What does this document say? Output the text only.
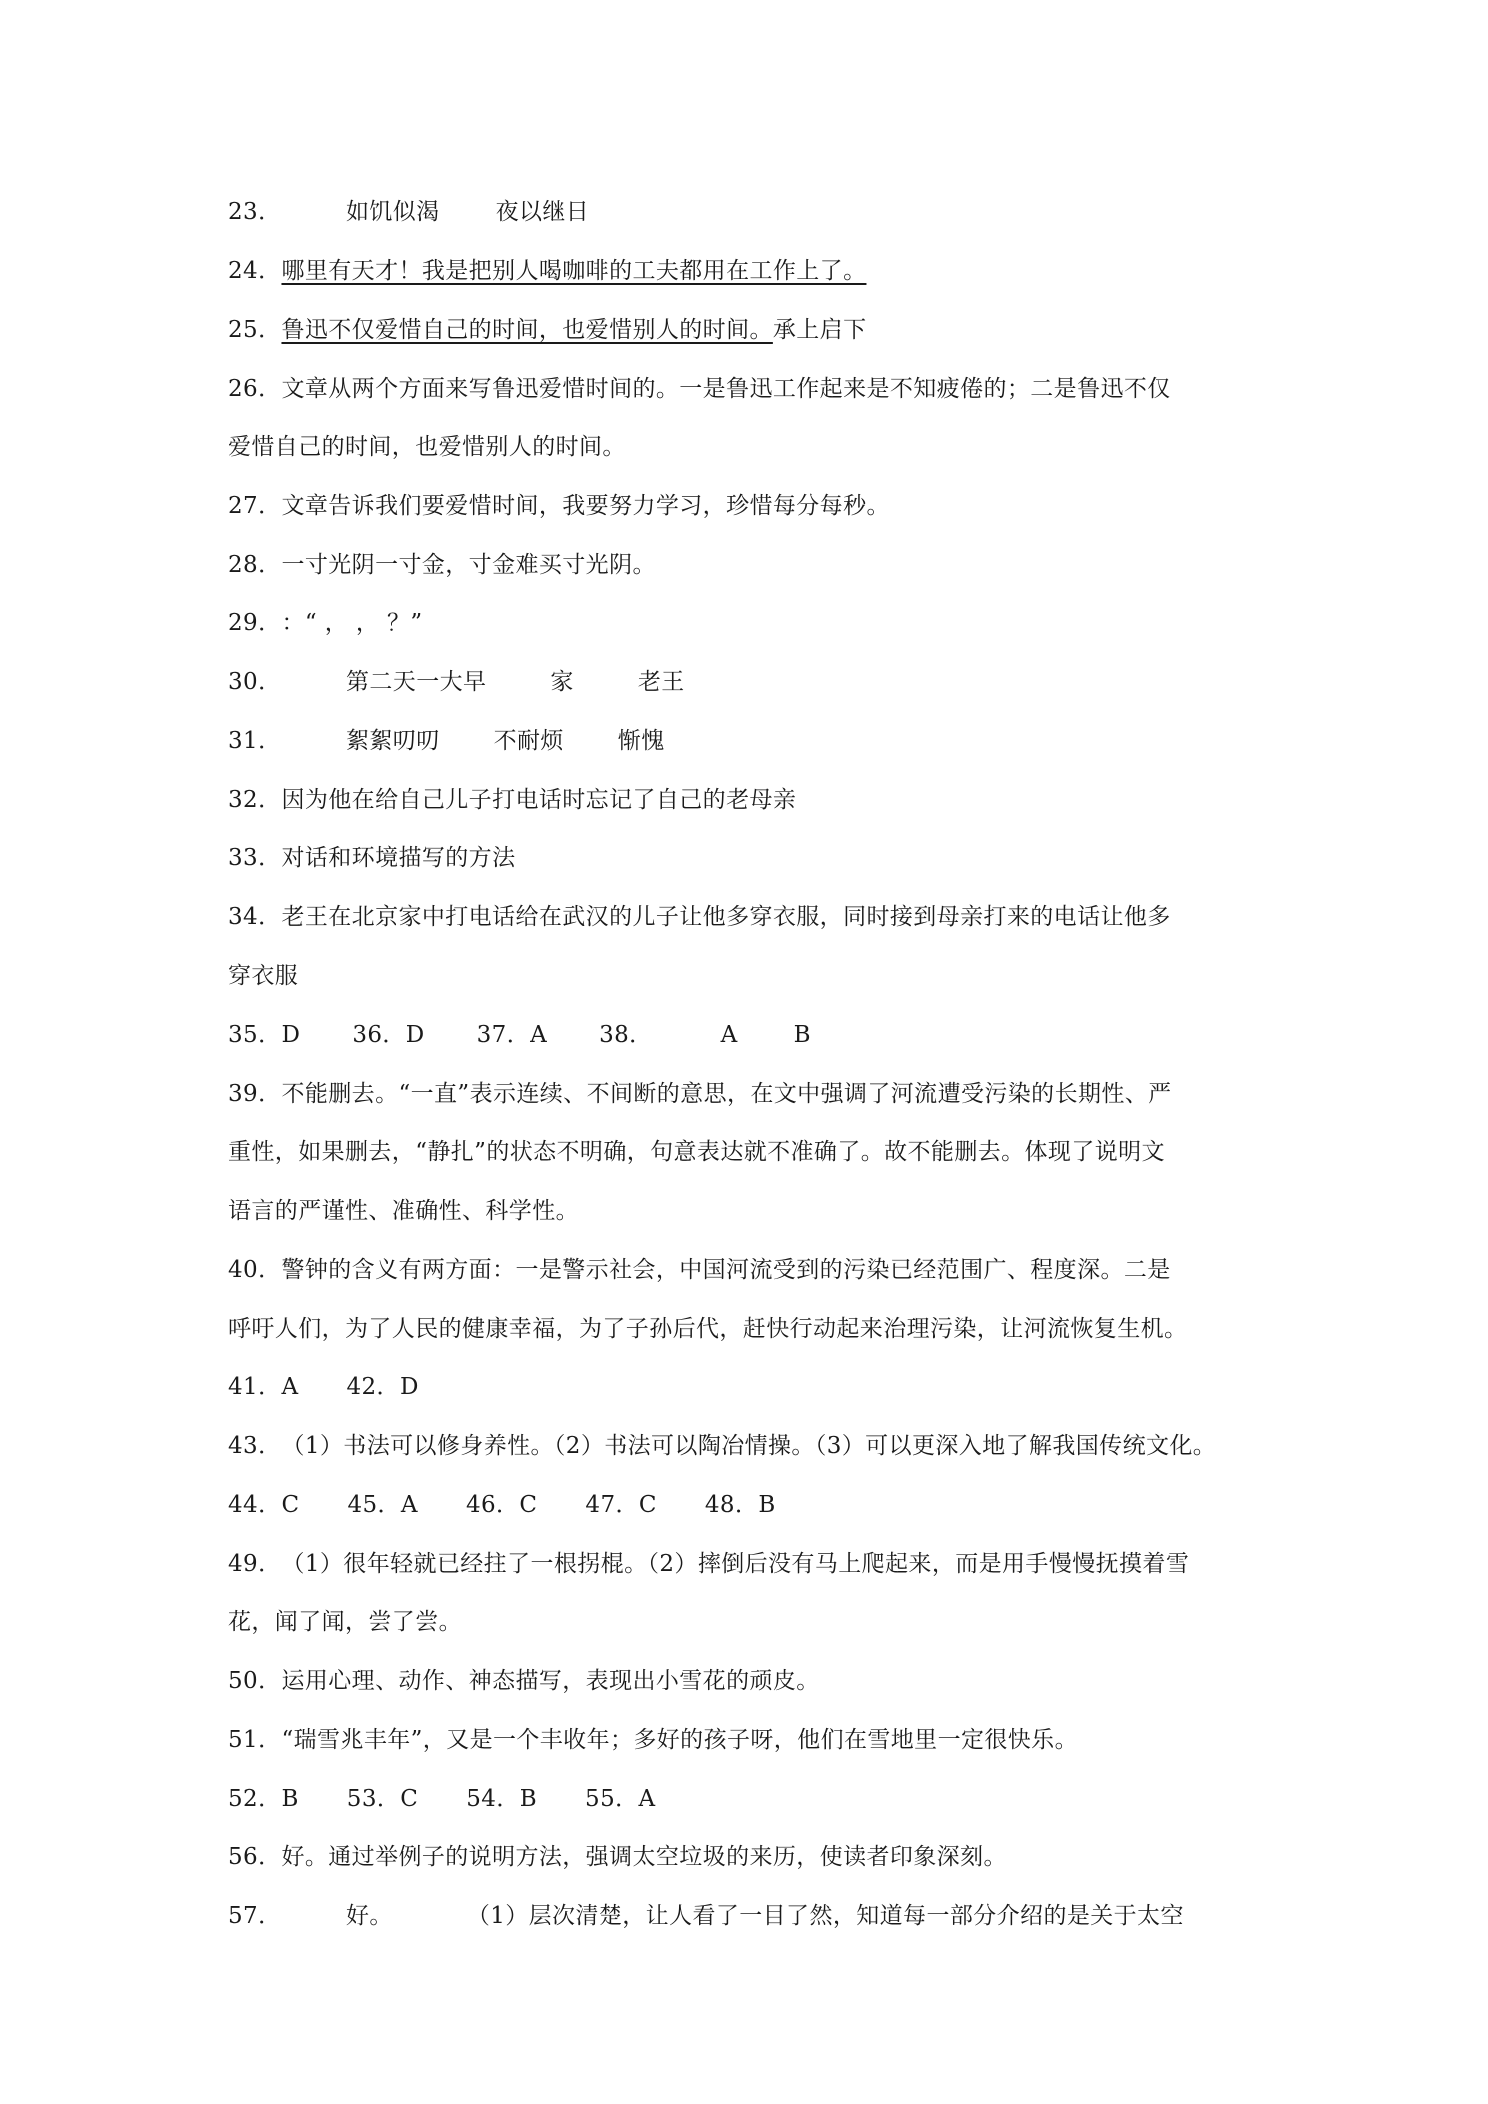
23．	如饥似渴 夜以继日
24．哪里有天才！我是把别人喝咖啡的工夫都用在工作上了。
25．鲁迅不仅爱惜自己的时间，也爱惜别人的时间。承上启下
26．文章从两个方面来写鲁迅爱惜时间的。一是鲁迅工作起来是不知疲倦的；二是鲁迅不仅
爱惜自己的时间，也爱惜别人的时间。
27．文章告诉我们要爱惜时间，我要努力学习，珍惜每分每秒。
28．一寸光阴一寸金，寸金难买寸光阴。
29．：“ ， ， ？”
30．	第二天一大早	家	老王
31．	絮絮叨叨 不耐烦 惭愧
32．因为他在给自己儿子打电话时忘记了自己的老母亲
33．对话和环境描写的方法
34．老王在北京家中打电话给在武汉的儿子让他多穿衣服，同时接到母亲打来的电话让他多
穿衣服
35．D 36．D 37．A 38．	A B
39．不能删去。“一直”表示连续、不间断的意思，在文中强调了河流遭受污染的长期性、严
重性，如果删去，“静扎”的状态不明确，句意表达就不准确了。故不能删去。体现了说明文
语言的严谨性、准确性、科学性。
40．警钟的含义有两方面：一是警示社会，中国河流受到的污染已经范围广、程度深。二是
呼吁人们，为了人民的健康幸福，为了子孙后代，赶快行动起来治理污染，让河流恢复生机。
41．A 42．D
43．（1）书法可以修身养性。（2）书法可以陶冶情操。（3）可以更深入地了解我国传统文化。
44．C 45．A 46．C 47．C 48．B
49．（1）很年轻就已经拄了一根拐棍。（2）摔倒后没有马上爬起来，而是用手慢慢抚摸着雪
花，闻了闻，尝了尝。
50．运用心理、动作、神态描写，表现出小雪花的顽皮。
51．“瑞雪兆丰年”，又是一个丰收年；多好的孩子呀，他们在雪地里一定很快乐。
52．B 53．C 54．B 55．A
56．好。通过举例子的说明方法，强调太空垃圾的来历，使读者印象深刻。
57．	好。	（1）层次清楚，让人看了一目了然，知道每一部分介绍的是关于太空
